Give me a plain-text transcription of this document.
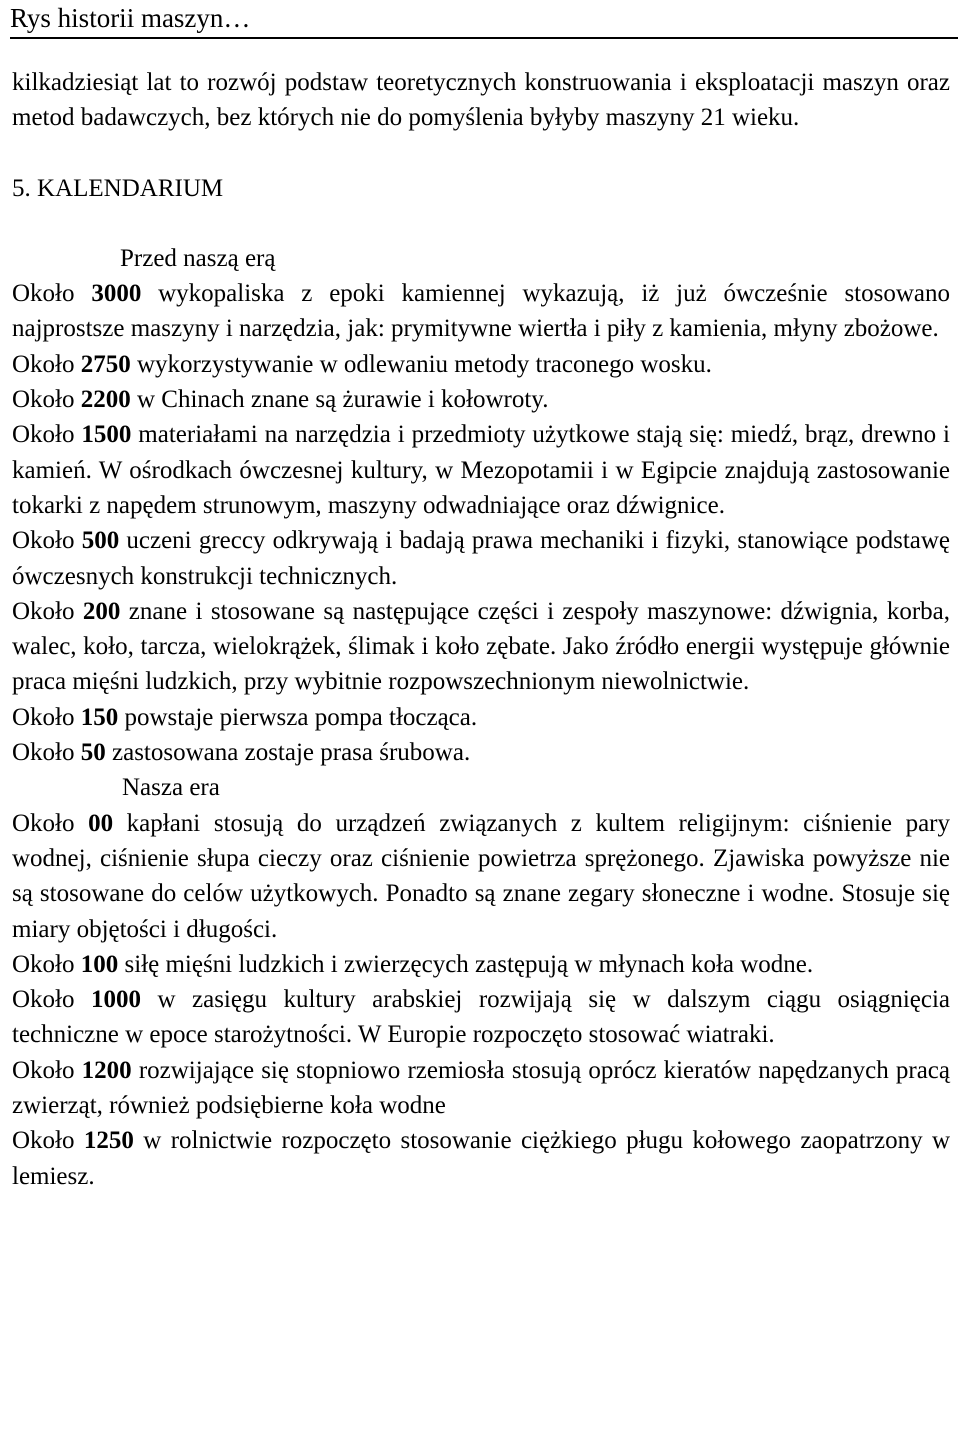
Rys historii maszyn…

kilkadziesiąt lat to rozwój podstaw teoretycznych konstruowania i eksploatacji maszyn oraz metod badawczych, bez których nie do pomyślenia byłyby maszyny 21 wieku.

5. KALENDARIUM

Przed naszą erą

Około 3000 wykopaliska z epoki kamiennej wykazują, iż już ówcześnie stosowano najprostsze maszyny i narzędzia, jak: prymitywne wiertła i piły z kamienia, młyny zbożowe.

Około 2750 wykorzystywanie w odlewaniu metody traconego wosku.

Około 2200 w Chinach znane są żurawie i kołowroty.

Około 1500 materiałami na narzędzia i przedmioty użytkowe stają się: miedź, brąz, drewno i kamień. W ośrodkach ówczesnej kultury, w Mezopotamii i w Egipcie znajdują zastosowanie tokarki z napędem strunowym, maszyny odwadniające oraz dźwignice.

Około 500 uczeni greccy odkrywają i badają prawa mechaniki i fizyki, stanowiące podstawę ówczesnych konstrukcji technicznych.

Około 200 znane i stosowane są następujące części i zespoły maszynowe: dźwignia, korba, walec, koło, tarcza, wielokrążek, ślimak i koło zębate. Jako źródło energii występuje głównie praca mięśni ludzkich, przy wybitnie rozpowszechnionym niewolnictwie.

Około 150 powstaje pierwsza pompa tłocząca.

Około 50 zastosowana zostaje prasa śrubowa.

Nasza era

Około 00 kapłani stosują do urządzeń związanych z kultem religijnym: ciśnienie pary wodnej, ciśnienie słupa cieczy oraz ciśnienie powietrza sprężonego. Zjawiska powyższe nie są stosowane do celów użytkowych. Ponadto są znane zegary słoneczne i wodne. Stosuje się miary objętości i długości.

Około 100 siłę mięśni ludzkich i zwierzęcych zastępują w młynach koła wodne.

Około 1000 w zasięgu kultury arabskiej rozwijają się w dalszym ciągu osiągnięcia techniczne w epoce starożytności. W Europie rozpoczęto stosować wiatraki.

Około 1200 rozwijające się stopniowo rzemiosła stosują oprócz kieratów napędzanych pracą zwierząt, również podsiębierne koła wodne

Około 1250 w rolnictwie rozpoczęto stosowanie ciężkiego pługu kołowego zaopatrzony w lemiesz.
